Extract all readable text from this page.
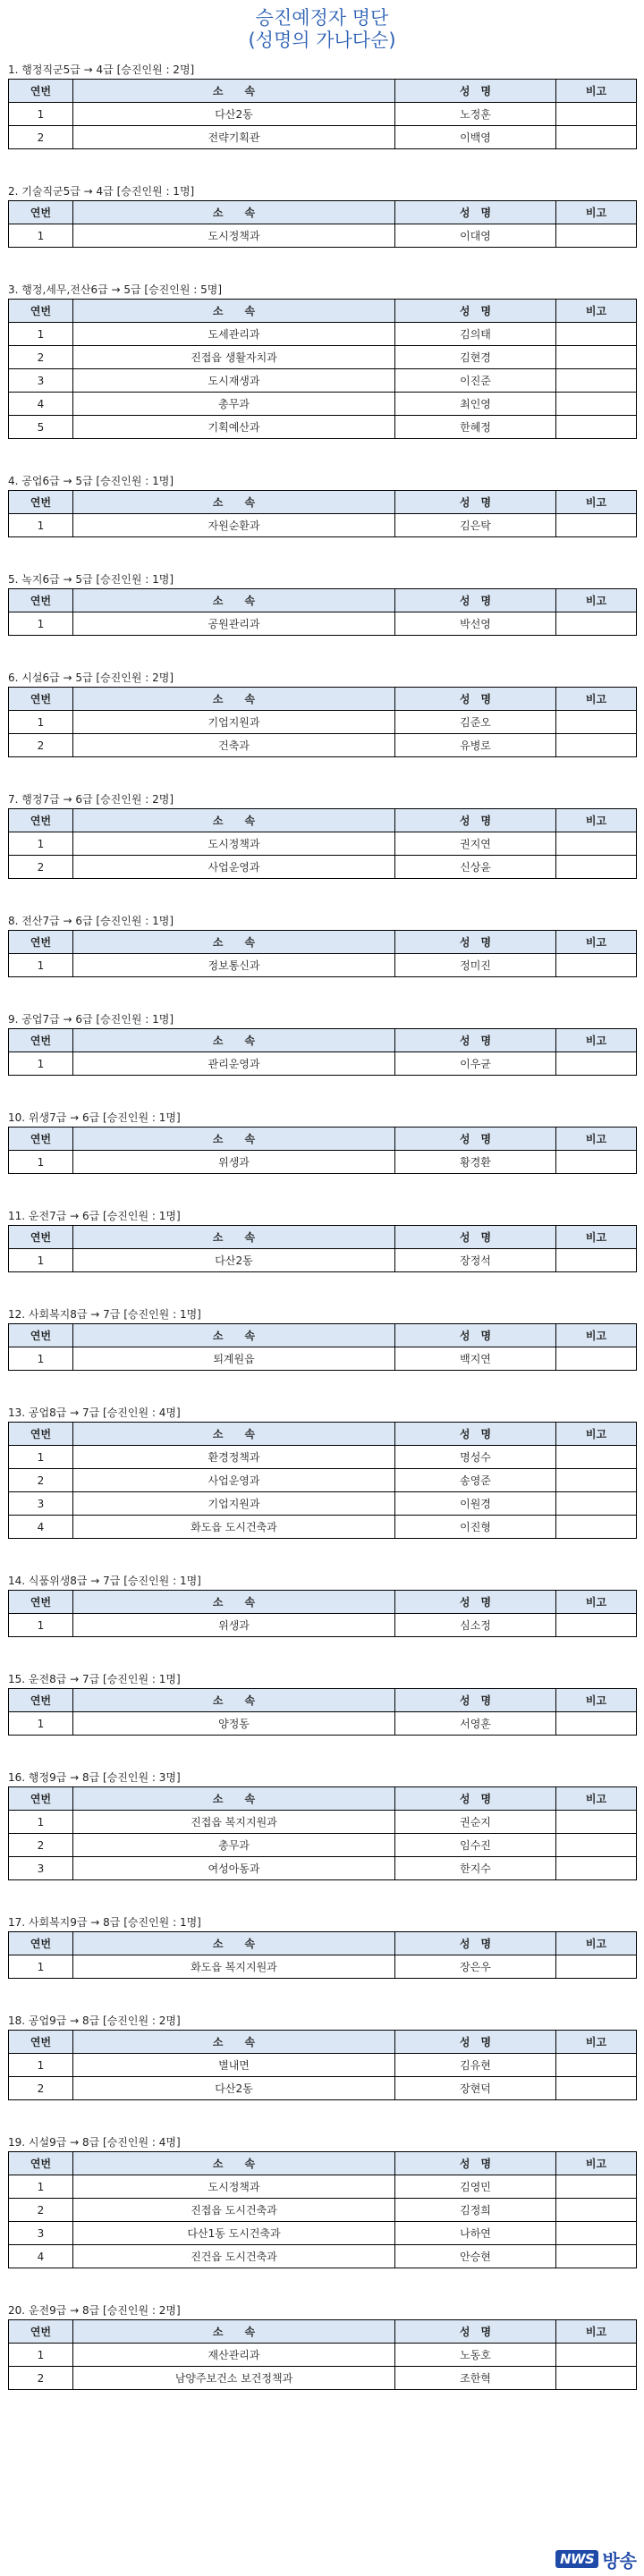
승진예정자 명단
(성명의 가나다순)
1. 행정직군5급 → 4급 [승진인원 : 2명]
연번	소　　속	성　명	비고
1	다산2동	노정훈	
2	전략기획관	이백영	
2. 기술직군5급 → 4급 [승진인원 : 1명]
연번	소　　속	성　명	비고
1	도시정책과	이대영	
3. 행정,세무,전산6급 → 5급 [승진인원 : 5명]
연번	소　　속	성　명	비고
1	도세관리과	김의태	
2	진접읍 생활자치과	김현경	
3	도시재생과	이진준	
4	총무과	최인영	
5	기획예산과	한혜정	
4. 공업6급 → 5급 [승진인원 : 1명]
연번	소　　속	성　명	비고
1	자원순환과	김은탁	
5. 녹지6급 → 5급 [승진인원 : 1명]
연번	소　　속	성　명	비고
1	공원관리과	박선영	
6. 시설6급 → 5급 [승진인원 : 2명]
연번	소　　속	성　명	비고
1	기업지원과	김준오	
2	건축과	유병로	
7. 행정7급 → 6급 [승진인원 : 2명]
연번	소　　속	성　명	비고
1	도시정책과	권지연	
2	사업운영과	신상윤	
8. 전산7급 → 6급 [승진인원 : 1명]
연번	소　　속	성　명	비고
1	정보통신과	정미진	
9. 공업7급 → 6급 [승진인원 : 1명]
연번	소　　속	성　명	비고
1	관리운영과	이우균	
10. 위생7급 → 6급 [승진인원 : 1명]
연번	소　　속	성　명	비고
1	위생과	황경환	
11. 운전7급 → 6급 [승진인원 : 1명]
연번	소　　속	성　명	비고
1	다산2동	장정석	
12. 사회복지8급 → 7급 [승진인원 : 1명]
연번	소　　속	성　명	비고
1	퇴계원읍	백지연	
13. 공업8급 → 7급 [승진인원 : 4명]
연번	소　　속	성　명	비고
1	환경정책과	명성수	
2	사업운영과	송영준	
3	기업지원과	이원경	
4	화도읍 도시건축과	이진형	
14. 식품위생8급 → 7급 [승진인원 : 1명]
연번	소　　속	성　명	비고
1	위생과	심소정	
15. 운전8급 → 7급 [승진인원 : 1명]
연번	소　　속	성　명	비고
1	양정동	서영훈	
16. 행정9급 → 8급 [승진인원 : 3명]
연번	소　　속	성　명	비고
1	진접읍 복지지원과	권순지	
2	총무과	임수진	
3	여성아동과	한지수	
17. 사회복지9급 → 8급 [승진인원 : 1명]
연번	소　　속	성　명	비고
1	화도읍 복지지원과	장은우	
18. 공업9급 → 8급 [승진인원 : 2명]
연번	소　　속	성　명	비고
1	별내면	김유현	
2	다산2동	장현덕	
19. 시설9급 → 8급 [승진인원 : 4명]
연번	소　　속	성　명	비고
1	도시정책과	김영민	
2	진접읍 도시건축과	김정희	
3	다산1동 도시건축과	나하연	
4	진건읍 도시건축과	안승현	
20. 운전9급 → 8급 [승진인원 : 2명]
연번	소　　속	성　명	비고
1	재산관리과	노동호	
2	남양주보건소 보건정책과	조한혁	
NWS 방송
